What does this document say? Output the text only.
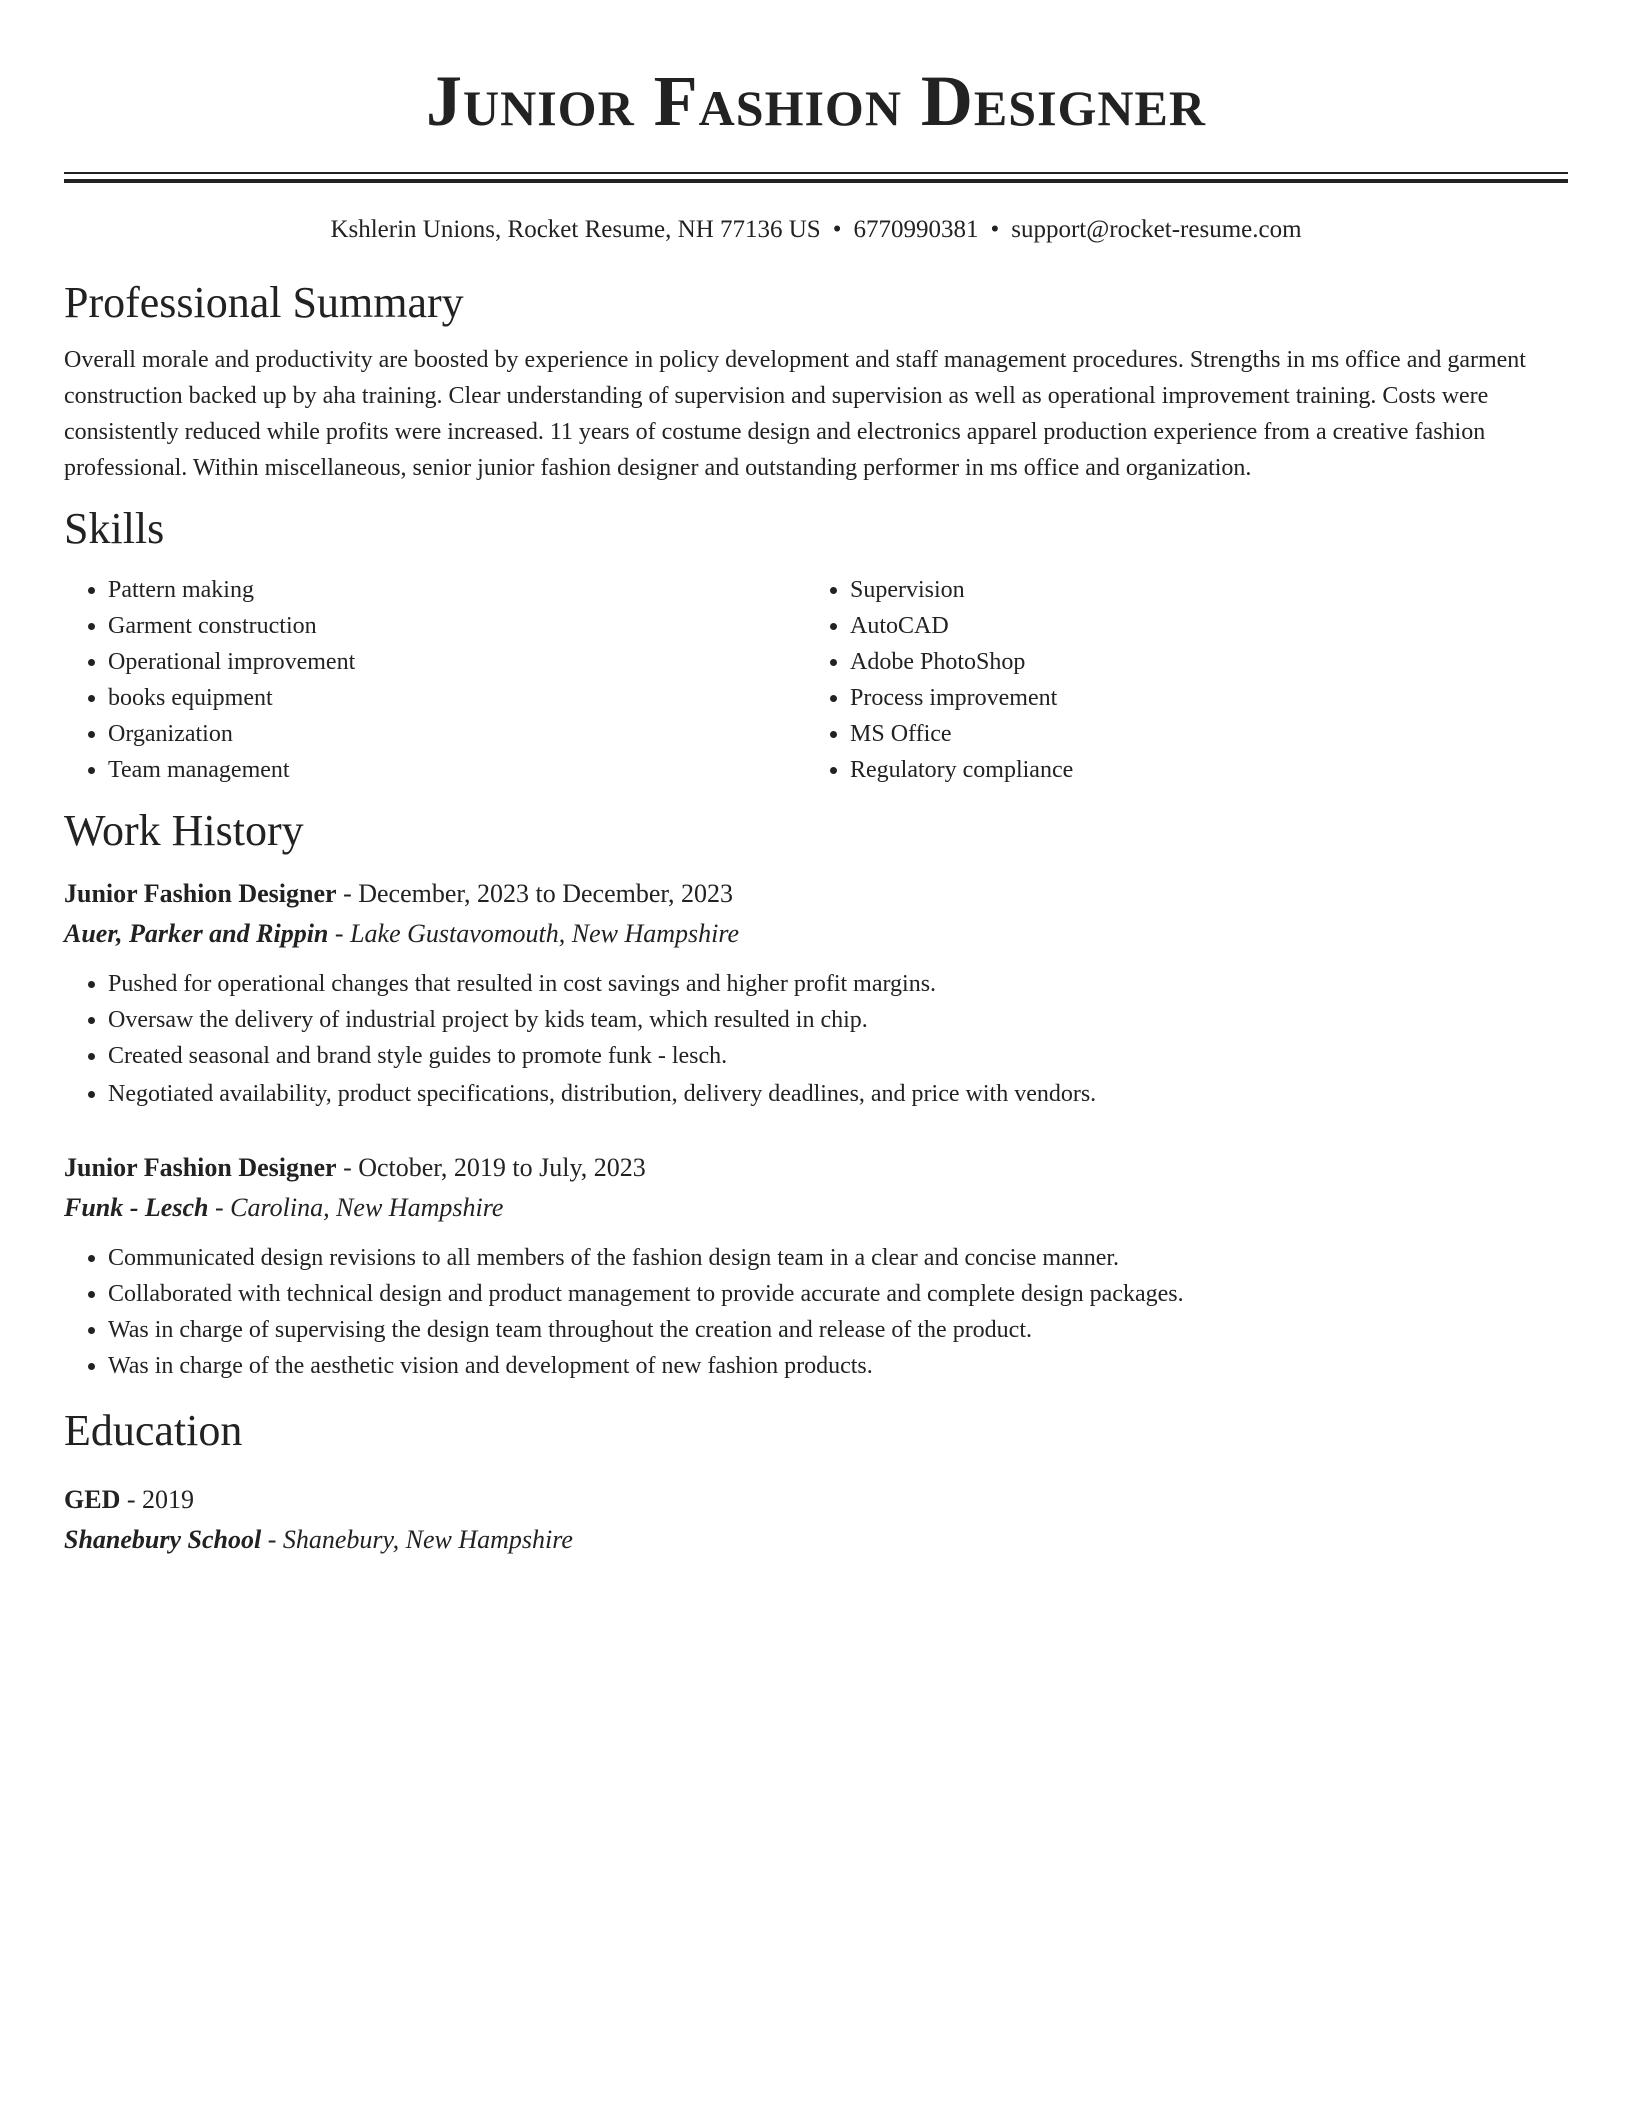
Junior Fashion Designer
Kshlerin Unions, Rocket Resume, NH 77136 US • 6770990381 • support@rocket-resume.com
Professional Summary

Overall morale and productivity are boosted by experience in policy development and staff management procedures. Strengths in ms office and garment construction backed up by aha training. Clear understanding of supervision and supervision as well as operational improvement training. Costs were consistently reduced while profits were increased. 11 years of costume design and electronics apparel production experience from a creative fashion professional. Within miscellaneous, senior junior fashion designer and outstanding performer in ms office and organization.

Skills
• Pattern making
• Garment construction
• Operational improvement
• books equipment
• Organization
• Team management
• Supervision
• AutoCAD
• Adobe PhotoShop
• Process improvement
• MS Office
• Regulatory compliance
Work History
Junior Fashion Designer - December, 2023 to December, 2023
Auer, Parker and Rippin - Lake Gustavomouth, New Hampshire
• Pushed for operational changes that resulted in cost savings and higher profit margins.
• Oversaw the delivery of industrial project by kids team, which resulted in chip.
• Created seasonal and brand style guides to promote funk - lesch.
• Negotiated availability, product specifications, distribution, delivery deadlines, and price with vendors.
Junior Fashion Designer - October, 2019 to July, 2023
Funk - Lesch - Carolina, New Hampshire
• Communicated design revisions to all members of the fashion design team in a clear and concise manner.
• Collaborated with technical design and product management to provide accurate and complete design packages.
• Was in charge of supervising the design team throughout the creation and release of the product.
• Was in charge of the aesthetic vision and development of new fashion products.
Education
GED - 2019
Shanebury School - Shanebury, New Hampshire
